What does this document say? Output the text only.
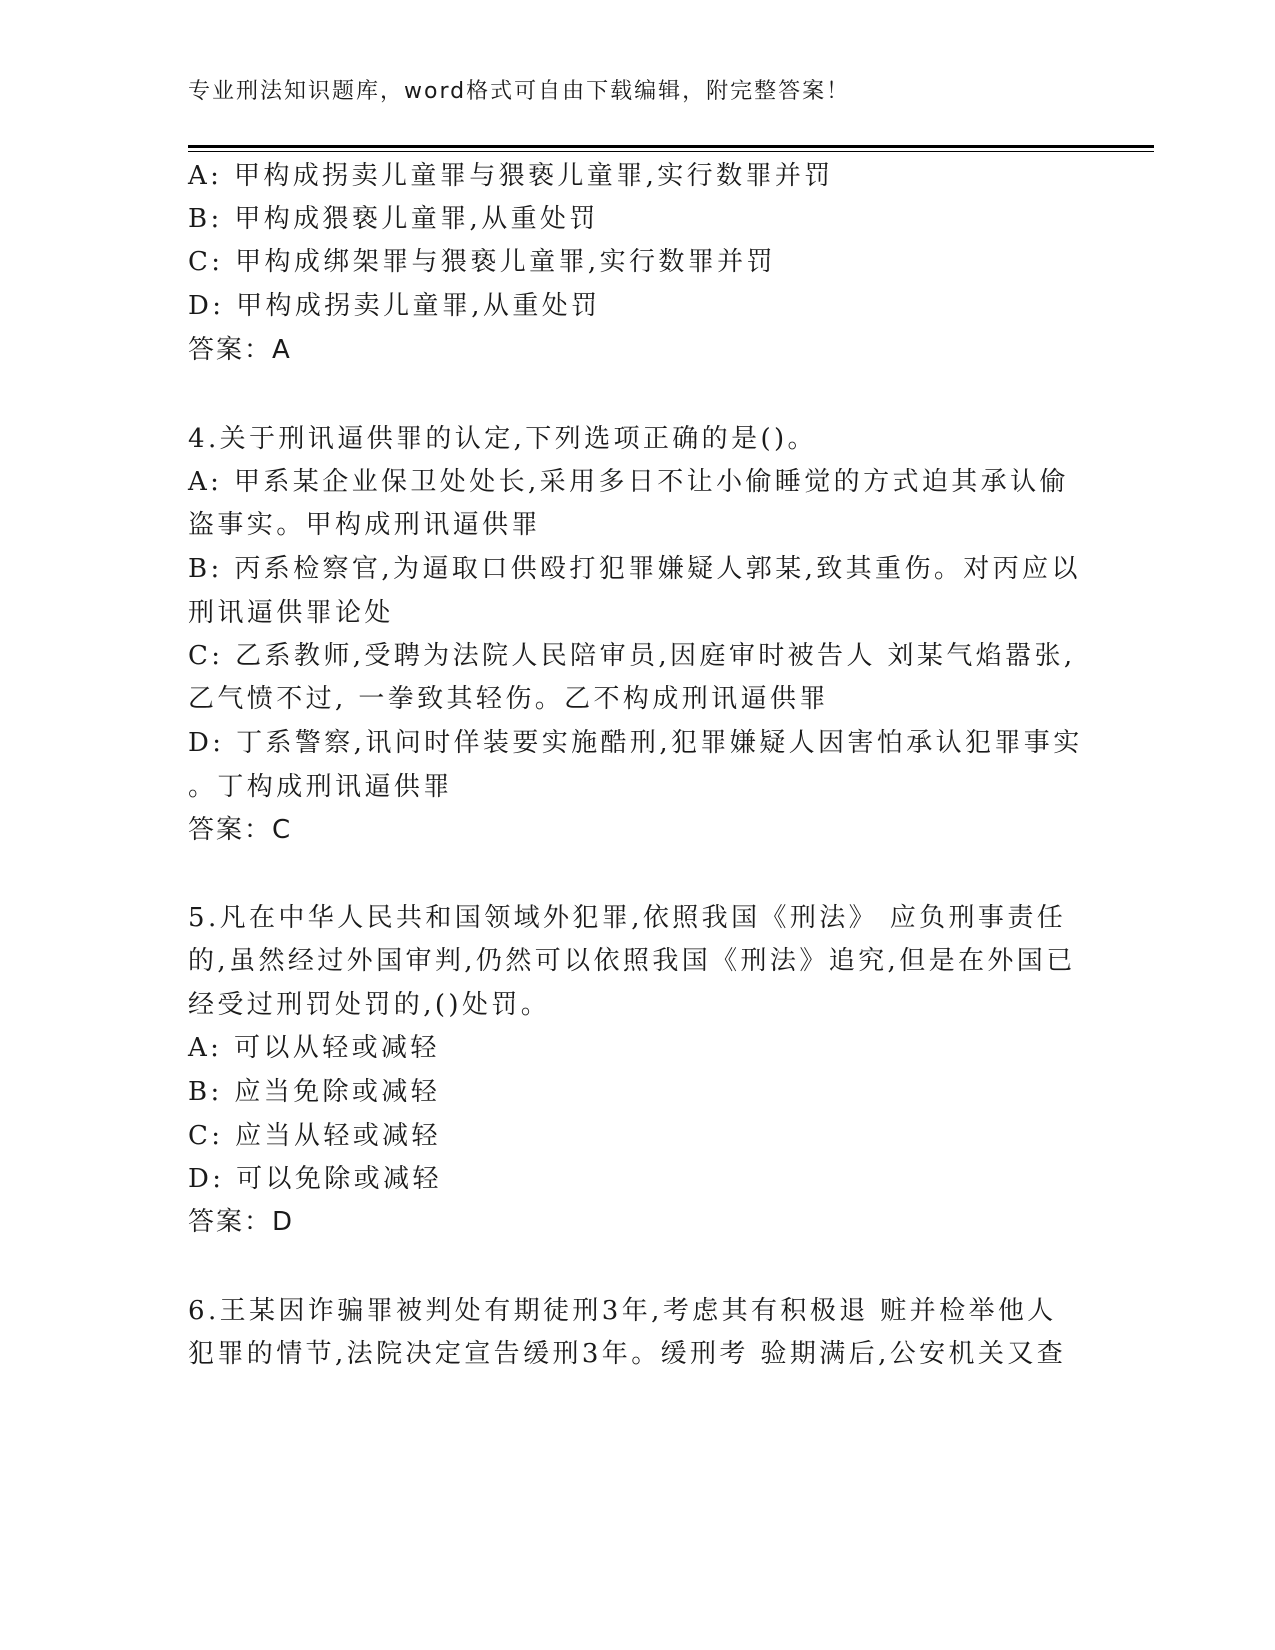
专业刑法知识题库，word格式可自由下载编辑，附完整答案！
A: 甲构成拐卖儿童罪与猥亵儿童罪,实行数罪并罚
B: 甲构成猥亵儿童罪,从重处罚
C: 甲构成绑架罪与猥亵儿童罪,实行数罪并罚
D: 甲构成拐卖儿童罪,从重处罚
答案：A
4.关于刑讯逼供罪的认定,下列选项正确的是()。
A: 甲系某企业保卫处处长,采用多日不让小偷睡觉的方式迫其承认偷
盗事实。甲构成刑讯逼供罪
B: 丙系检察官,为逼取口供殴打犯罪嫌疑人郭某,致其重伤。对丙应以
刑讯逼供罪论处
C: 乙系教师,受聘为法院人民陪审员,因庭审时被告人 刘某气焰嚣张,
乙气愤不过, 一拳致其轻伤。乙不构成刑讯逼供罪
D: 丁系警察,讯问时佯装要实施酷刑,犯罪嫌疑人因害怕承认犯罪事实
。丁构成刑讯逼供罪
答案：C
5.凡在中华人民共和国领域外犯罪,依照我国《刑法》 应负刑事责任
的,虽然经过外国审判,仍然可以依照我国《刑法》追究,但是在外国已
经受过刑罚处罚的,()处罚。
A: 可以从轻或减轻
B: 应当免除或减轻
C: 应当从轻或减轻
D: 可以免除或减轻
答案：D
6.王某因诈骗罪被判处有期徒刑3年,考虑其有积极退 赃并检举他人
犯罪的情节,法院决定宣告缓刑3年。缓刑考 验期满后,公安机关又查
